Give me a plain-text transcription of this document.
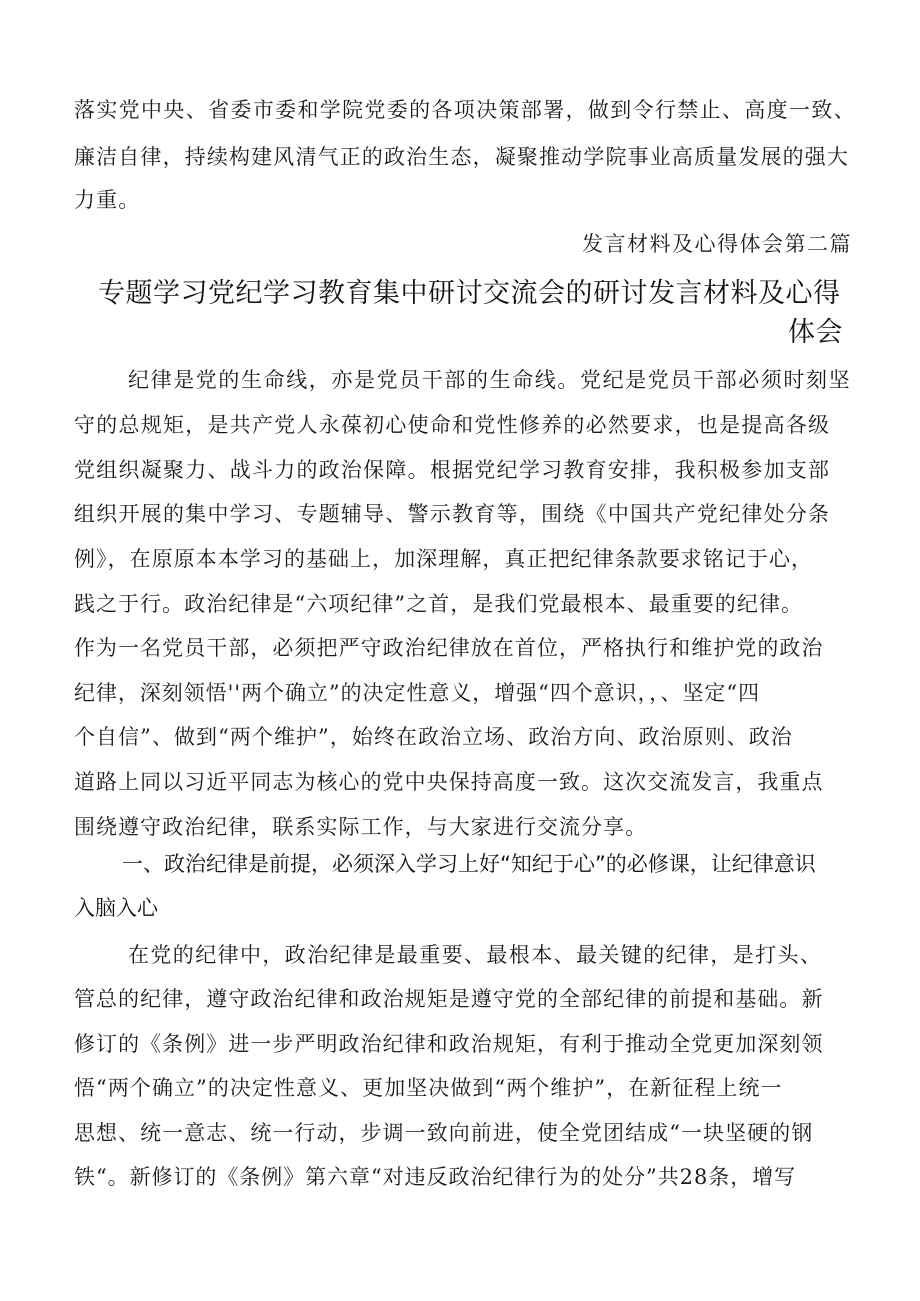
落实党中央、省委市委和学院党委的各项决策部署，做到令行禁止、高度一致、
廉洁自律，持续构建风清气正的政治生态，凝聚推动学院事业高质量发展的强大
力重。
发言材料及心得体会第二篇
专题学习党纪学习教育集中研讨交流会的研讨发言材料及心得
体会
纪律是党的生命线，亦是党员干部的生命线。党纪是党员干部必须时刻坚
守的总规矩，是共产党人永葆初心使命和党性修养的必然要求，也是提高各级
党组织凝聚力、战斗力的政治保障。根据党纪学习教育安排，我积极参加支部
组织开展的集中学习、专题辅导、警示教育等，围绕《中国共产党纪律处分条
例》，在原原本本学习的基础上，加深理解，真正把纪律条款要求铭记于心，
践之于行。政治纪律是“六项纪律”之首，是我们党最根本、最重要的纪律。
作为一名党员干部，必须把严守政治纪律放在首位，严格执行和维护党的政治
纪律，深刻领悟''两个确立”的决定性意义，增强“四个意识，，、坚定“四
个自信”、做到“两个维护”，始终在政治立场、政治方向、政治原则、政治
道路上同以习近平同志为核心的党中央保持高度一致。这次交流发言，我重点
围绕遵守政治纪律，联系实际工作，与大家进行交流分享。
一、政治纪律是前提，必须深入学习上好“知纪于心”的必修课，让纪律意识
入脑入心
在党的纪律中，政治纪律是最重要、最根本、最关键的纪律，是打头、
管总的纪律，遵守政治纪律和政治规矩是遵守党的全部纪律的前提和基础。新
修订的《条例》进一步严明政治纪律和政治规矩，有利于推动全党更加深刻领
悟“两个确立”的决定性意义、更加坚决做到“两个维护”，在新征程上统一
思想、统一意志、统一行动，步调一致向前进，使全党团结成“一块坚硬的钢
铁“。新修订的《条例》第六章“对违反政治纪律行为的处分”共28条，增写
